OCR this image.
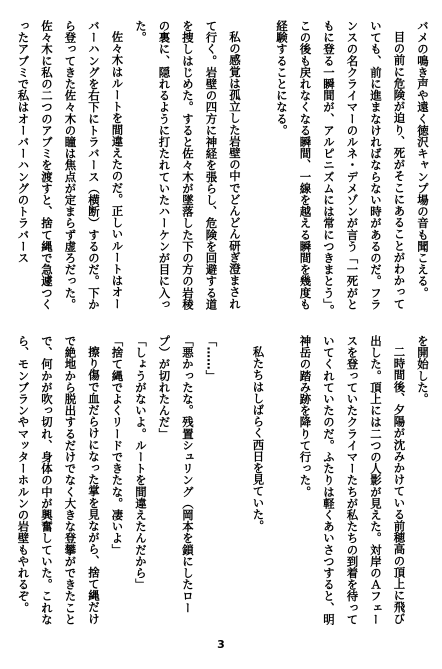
バメの鳴き声や遠く徳沢キャンプ場の音も聞こえる。

目の前に危険が迫り、死がそこにあることがわかっていても、前に進まなければならない時があるのだ。フランスの名クライマーのルネ・デメゾンが言う「一死がともに登る一瞬間が、アルピニズムには常につきまとう」。この後も戻れなくなる瞬間、一線を越える瞬間を幾度も経験することになる。

私の感覚は孤立した岩壁の中でどんどん研ぎ澄まされて行く。岩壁の四方に神経を張らし、危険を回避する道を捜しはじめた。すると佐々木が墜落した下の方の岩稜の裏に、隠れるように打たれていたハーケンが目に入った。

佐々木はルートを間違えたのだ。正しいルートはオーバーハングを右下にトラバース（横断）するのだ。下から登ってきた佐々木の瞳は焦点が定まらず虚ろだった。佐々木に私の二つのアブミを渡すと、捨て縄で急遽つくったアブミで私はオーバーハングのトラバース

を開始した。

二時間後、夕陽が沈みかけている前穂高の頂上に飛び出した。頂上には二つの人影が見えた。対岸のＡフェースを登っていたクライマーたちが私たちの到着を待っていてくれていたのだ。ふたりは軽くあいさつすると、明神岳の踏み跡を降りて行った。

私たちはしばらく西日を見ていた。

「……」

「悪かったな。残置シュリング（岡本を鎖にしたロープ）が切れたんだ」

「しょうがないよ。ルートを間違えたんだから」

「捨て縄でよくリードできたな。凄いよ」

擦り傷で血だらけになった掌を見ながら、捨て縄だけで絶地から脱出するだけでなく大きな登攀ができたことで、何かが吹っ切れ、身体の中が興奮していた。これなら、モンブランやマッターホルンの岩壁もやれるぞ。

3
